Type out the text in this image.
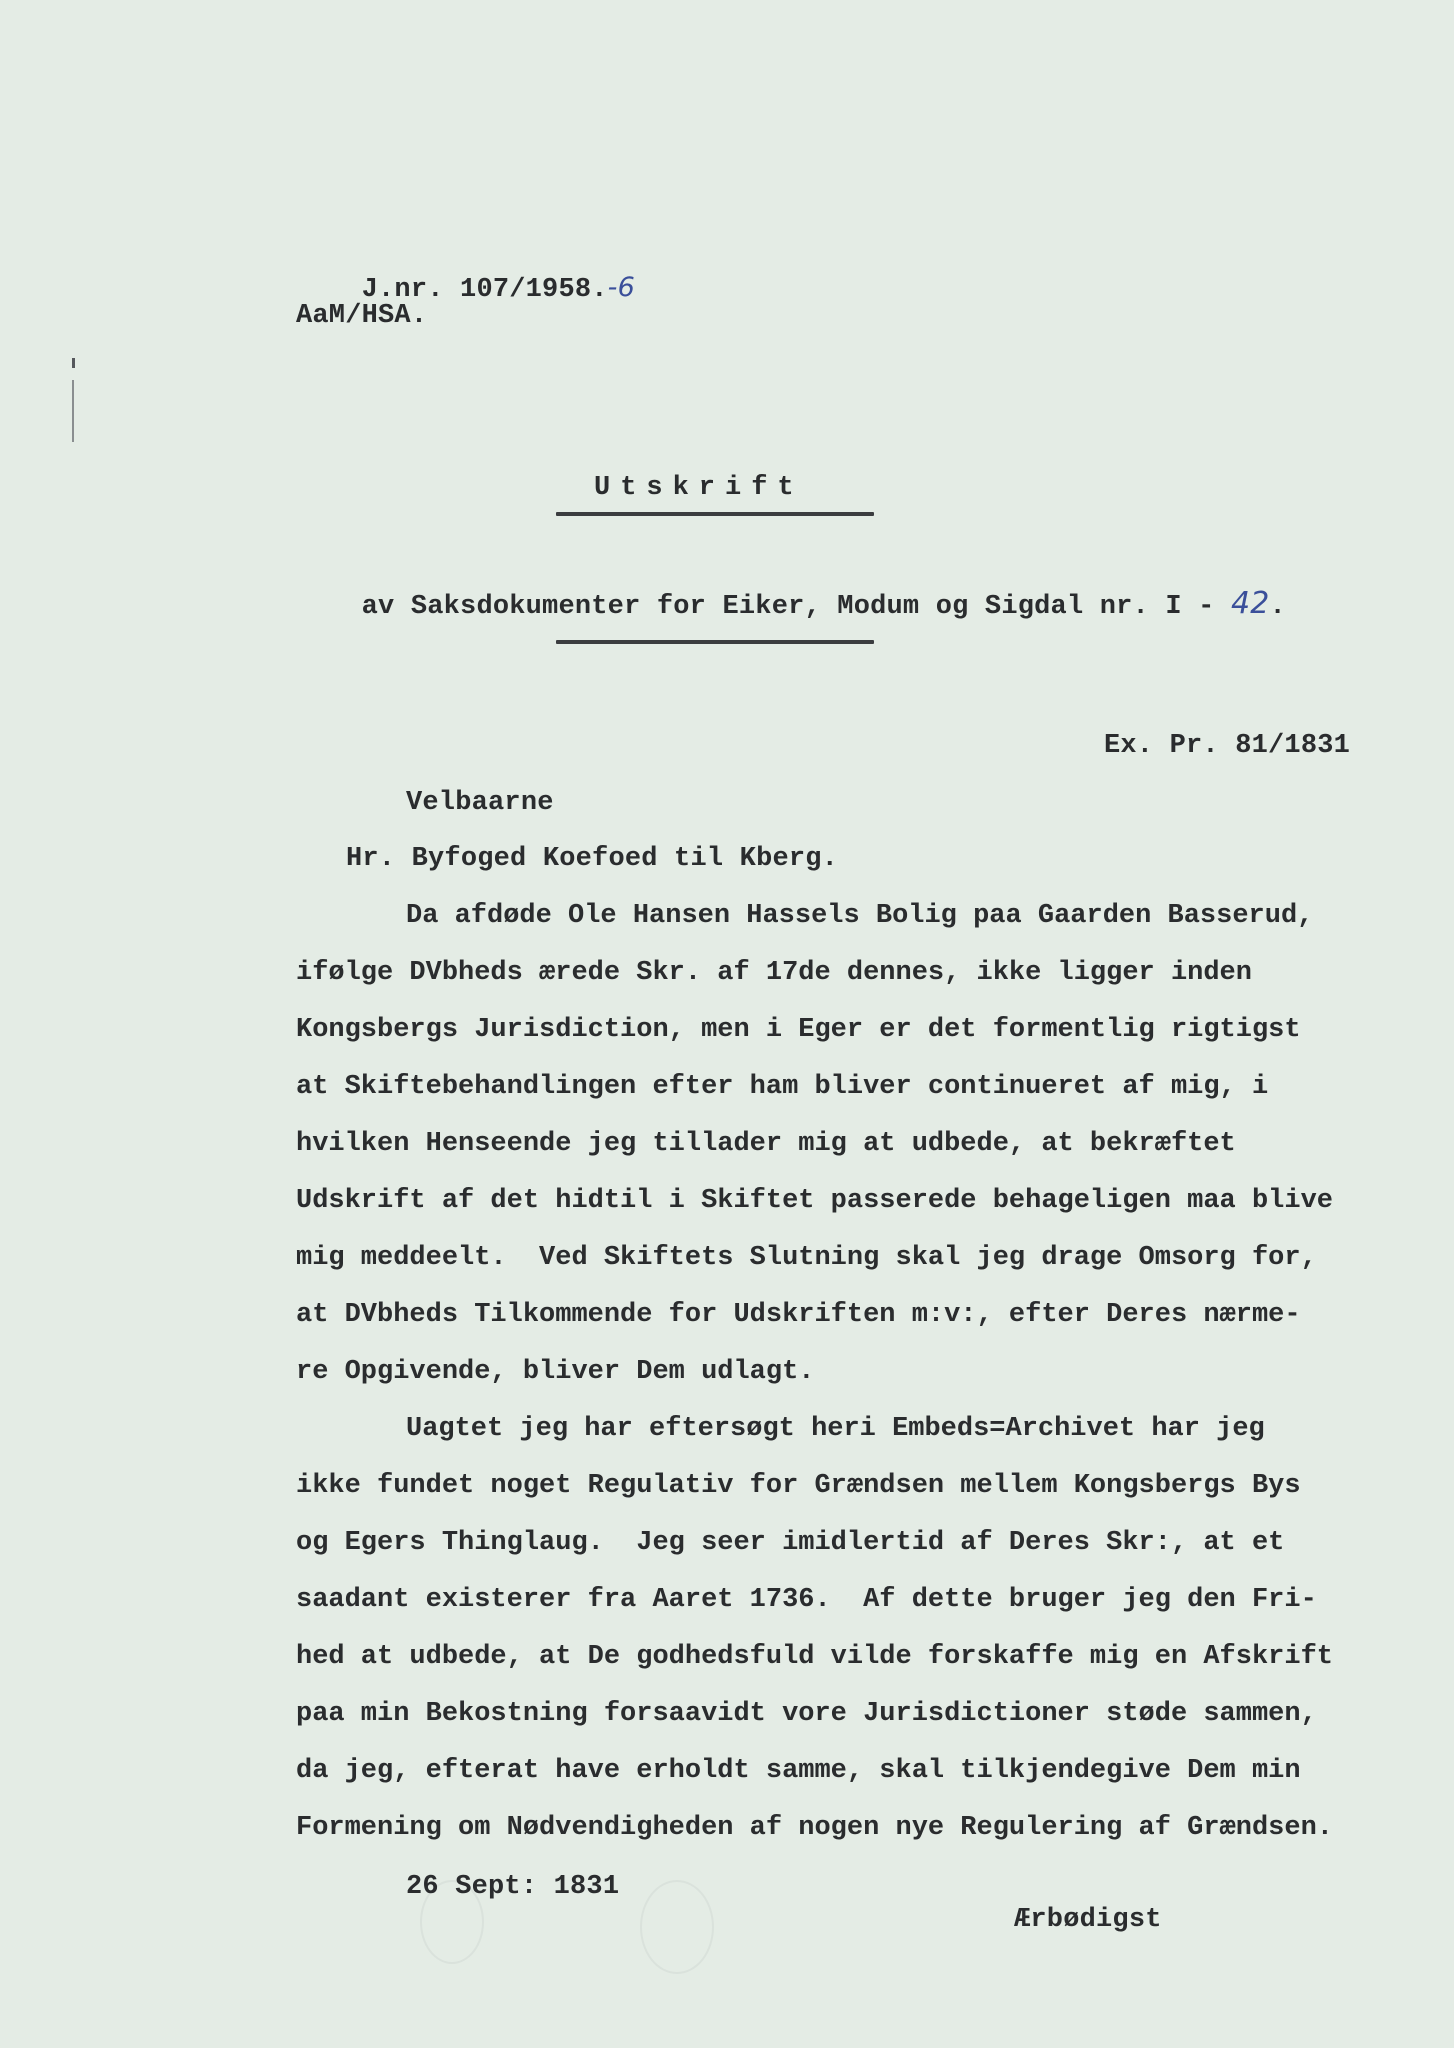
J.nr. 107/1958.-6

AaM/HSA.
Utskrift

av Saksdokumenter for Eiker, Modum og Sigdal nr. I - 42.

Ex. Pr. 81/1831
Velbaarne
Hr. Byfoged Koefoed til Kberg.
Da afdøde Ole Hansen Hassels Bolig paa Gaarden Basserud,
ifølge DVbheds ærede Skr. af 17de dennes, ikke ligger inden
Kongsbergs Jurisdiction, men i Eger er det formentlig rigtigst
at Skiftebehandlingen efter ham bliver continueret af mig, i
hvilken Henseende jeg tillader mig at udbede, at bekræftet
Udskrift af det hidtil i Skiftet passerede behageligen maa blive
mig meddeelt.  Ved Skiftets Slutning skal jeg drage Omsorg for,
at DVbheds Tilkommende for Udskriften m:v:, efter Deres nærme-
re Opgivende, bliver Dem udlagt.
Uagtet jeg har eftersøgt heri Embeds=Archivet har jeg
ikke fundet noget Regulativ for Grændsen mellem Kongsbergs Bys
og Egers Thinglaug.  Jeg seer imidlertid af Deres Skr:, at et
saadant existerer fra Aaret 1736.  Af dette bruger jeg den Fri-
hed at udbede, at De godhedsfuld vilde forskaffe mig en Afskrift
paa min Bekostning forsaavidt vore Jurisdictioner støde sammen,
da jeg, efterat have erholdt samme, skal tilkjendegive Dem min
Formening om Nødvendigheden af nogen nye Regulering af Grændsen.
26 Sept: 1831
Ærbødigst
